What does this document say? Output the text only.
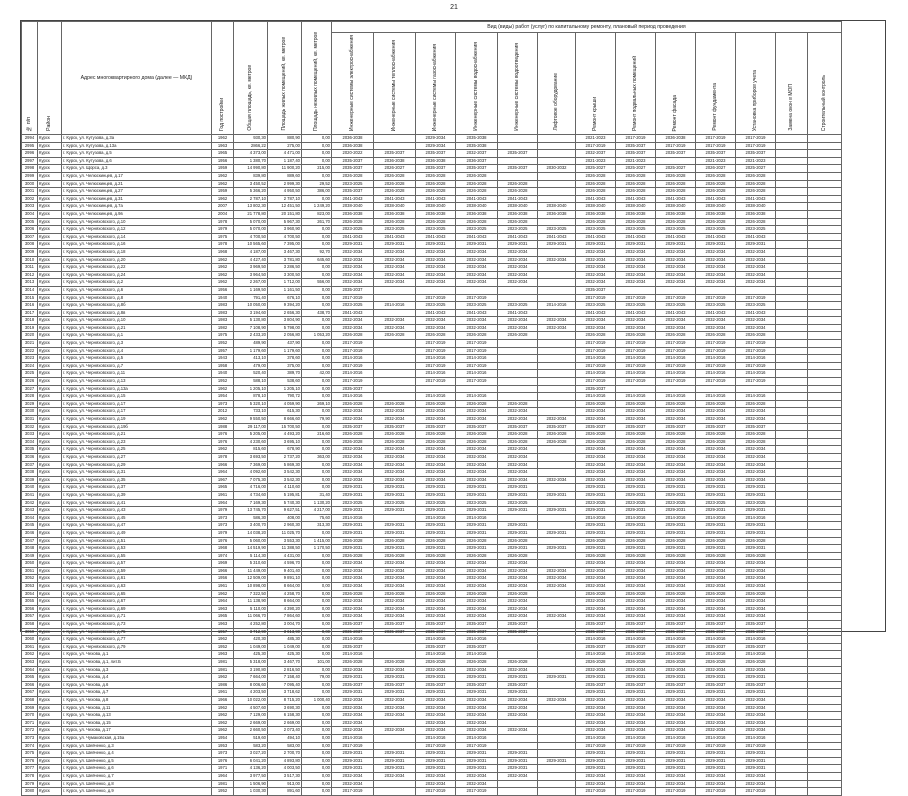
21
№ п/п	Район	Адрес многоквартирного дома (далее — МКД)	Год постройки	Общая площадь, кв. метров	Площадь жилых помещений, кв. метров	Площадь нежилых помещений, кв. метров	Вид (виды) работ (услуг) по капитальному ремонту, плановый период проведения												
							Инженерные системы электроснабжения	Инженерные системы теплоснабжения	Инженерные системы газоснабжения	Инженерные системы водоснабжения	Инженерные системы водоотведения	Лифтовое оборудование	Ремонт крыши	Ремонт подвальных помещений	Ремонт фасада	Ремонт фундамента	Установка приборов учета	Замена окон в МОП	Строительный контроль
2994	Курск	г. Курск, ул. Кутузова, д.3а	1962	930,30	880,90	0,00	2036-2038		2029-2034	2035-2038			2021-2023	2017-2019	2036-2038	2017-2019	2017-2019		
2995	Курск	г. Курск, ул. Кутузова, д.13а	1963	2866,22	275,00	0,00	2036-2038		2029-2034	2035-2038			2017-2019	2035-2037	2017-2019	2017-2019	2017-2019		
2996	Курск	г. Курск, ул. Кутузова, д.5	1965	4 373,00	4 471,00	0,00	2020-2022	2035-2037	2035-2037	2032-2037	2035-2037		2032-2037	2035-2037	2035-2037	2035-2037	2035-2037		
2997	Курск	г. Курск, ул. Кутузова, д.6	1956	1 380,70	1 187,40	0,00	2035-2037	2036-2038	2036-2038	2036-2037			2021-2023	2021-2023		2021-2023	2021-2023		
2998	Курск	г. Курск, ул. Щорса, д.3	1959	14 990,80	11 900,20	215,00	2035-2037	2026-2027	2035-2037	2035-2037	2035-2037	2030-2032	2025-2027	2025-2027	2025-2027	2026-2027	2025-2027		
2999	Курск	г. Курск, ул. Челюскинцев, д.17	1962	839,80	889,60	0,00	2026-2028	2026-2028	2026-2028	2026-2028			2026-2028	2026-2028	2026-2028	2026-2028	2026-2028		
3000	Курск	г. Курск, ул. Челюскинцев, д.21	1962	3 450,52	2 999,30	29,52	2023-2025	2026-2028	2026-2028	2026-2028	2026-2028		2026-2028	2026-2028	2026-2028	2026-2028	2026-2028		
3001	Курск	г. Курск, ул. Челюскинцев, д.27	1959	5 366,20	4 950,50	386,00	2035-2037	2026-2028	2026-2028	2026-2028	2026-2028		2026-2028	2026-2028	2026-2028	2026-2028	2026-2028		
3002	Курск	г. Курск, ул. Челюскинцев, д.31	1962	2 787,10	2 787,10	0,00	2041-2043	2041-2043	2041-2043	2041-2043	2041-2043		2041-2043	2041-2043	2041-2043	2041-2043	2041-2043		
3003	Курск	г. Курск, ул. Челюскинцев, д.7а	2007	13 802,30	12 451,50	1 249,20	2038-2040	2038-2040	2038-2040	2038-2040	2038-2040	2038-2040	2038-2040	2038-2040	2038-2040	2038-2040	2038-2040		
3004	Курск	г. Курск, ул. Челюскинцев, д.9в	2004	21 778,80	20 151,80	823,00	2036-2038	2036-2038	2036-2038	2036-2038	2036-2038	2036-2038	2036-2038	2036-2038	2036-2038	2036-2038	2036-2038		
3005	Курск	г. Курск, ул. Черняховского, д.10	1978	5 070,00	5 967,30	261,70	2026-2028	2026-2028	2026-2028	2026-2028	2026-2028		2026-2028	2026-2028	2026-2028	2026-2028	2026-2028		
3006	Курск	г. Курск, ул. Черняховского, д.12	1979	5 070,00	3 960,90	0,00	2023-2025	2023-2025	2023-2025	2023-2025	2023-2025	2023-2025	2023-2025	2023-2025	2023-2025	2023-2025	2023-2025		
3007	Курск	г. Курск, ул. Черняховского, д.14	1975	4 700,50	4 700,50	0,00	2041-2043	2041-2043	2041-2043	2041-2043	2041-2043	2041-2043	2041-2043	2041-2043	2041-2043	2041-2043	2041-2043		
3008	Курск	г. Курск, ул. Черняховского, д.16	1978	10 565,60	7 395,00	0,00	2029-2031	2029-2031	2029-2031	2029-2031	2029-2031	2029-2031	2029-2031	2029-2031	2029-2031	2029-2031	2029-2031		
3009	Курск	г. Курск, ул. Черняховского, д.18	1968	4 187,00	3 467,30	92,70	2032-2034	2032-2034	2032-2034	2032-2034	2032-2034		2032-2034	2032-2034	2032-2034	2032-2034	2032-2034		
3010	Курск	г. Курск, ул. Черняховского, д.20	1962	4 427,40	3 781,80	645,60	2032-2034	2032-2034	2032-2034	2032-2034	2032-2034	2032-2034	2032-2034	2032-2034	2032-2034	2032-2034	2032-2034		
3011	Курск	г. Курск, ул. Черняховского, д.22	1962	3 969,50	3 286,50	0,00	2032-2034	2032-2034	2032-2034	2032-2034	2032-2034		2032-2034	2032-2034	2032-2034	2032-2034	2032-2034		
3012	Курск	г. Курск, ул. Черняховского, д.24	1962	3 964,50	3 300,50	0,00	2032-2034	2032-2034	2032-2034	2032-2034	2032-2034		2032-2034	2032-2034	2032-2034	2032-2034	2032-2034		
3013	Курск	г. Курск, ул. Черняховского, д.2	1962	2 267,00	1 712,00	556,00	2032-2034	2032-2034	2032-2034	2032-2034	2032-2034		2032-2034	2032-2034	2032-2034	2032-2034	2032-2034		
3014	Курск	г. Курск, ул. Черняховского, д.6	1956	1 169,50	1 161,50	0,00	2035-2037						2035-2037						
3015	Курск	г. Курск, ул. Черняховского, д.8	1940	791,40	676,10	0,00	2017-2019		2017-2019	2017-2019			2017-2019	2017-2019	2017-2019	2017-2019	2017-2019		
3016	Курск	г. Курск, ул. Черняховского, д.8б	1983	10 050,00	9 394,20	0,00	2023-2025	2014-2016	2023-2025	2023-2025	2023-2025	2014-2016	2023-2025	2023-2025	2023-2025	2023-2025	2023-2025		
3017	Курск	г. Курск, ул. Черняховского, д.8в	1983	3 194,60	2 656,30	438,70	2041-2043		2041-2043	2041-2043	2041-2043		2041-2043	2041-2043	2041-2043	2041-2043	2041-2043		
3018	Курск	г. Курск, ул. Черняховского, д.10	1983	5 130,80	3 804,90	0,00	2032-2034	2032-2034	2032-2034	2032-2034	2032-2034	2032-2034	2032-2034	2032-2034	2032-2034	2032-2034	2032-2034		
3019	Курск	г. Курск, ул. Черняховского, д.21	1982	7 108,90	5 798,00	0,00	2032-2034	2032-2034	2032-2034	2032-2034	2032-2034	2032-2034	2032-2034	2032-2034	2032-2034	2032-2034	2032-2034		
3020	Курск	г. Курск, ул. Черняховского, д.1	1975	2 433,20	2 056,80	1 053,20	2026-2028	2026-2028	2026-2028	2026-2028	2026-2028		2026-2028	2026-2028	2026-2028	2026-2028	2026-2028		
3021	Курск	г. Курск, ул. Черняховского, д.3	1952	489,90	437,90	0,00	2017-2019		2017-2019	2017-2019			2017-2019	2017-2019	2017-2019	2017-2019	2017-2019		
3022	Курск	г. Курск, ул. Черняховского, д.4	1957	1 179,60	1 179,60	0,00	2017-2019		2017-2019	2017-2019			2017-2019	2017-2019	2017-2019	2017-2019	2017-2019		
3023	Курск	г. Курск, ул. Черняховского, д.5	1943	413,10	378,60	0,00	2014-2016		2014-2016	2014-2016			2014-2016	2014-2016	2014-2016	2014-2016	2014-2016		
3024	Курск	г. Курск, ул. Черняховского, д.7	1958	479,00	375,00	0,00	2017-2019		2017-2019	2017-2019			2017-2019	2017-2019	2017-2019	2017-2019	2017-2019		
3025	Курск	г. Курск, ул. Черняховского, д.11	1940	520,40	389,70	42,00	2014-2016		2014-2016	2014-2016			2014-2016	2014-2016	2014-2016	2014-2016	2014-2016		
3026	Курск	г. Курск, ул. Черняховского, д.13	1952	588,10	538,60	0,00	2017-2019		2017-2019	2017-2019			2017-2019	2017-2019	2017-2019	2017-2019	2017-2019		
3027	Курск	г. Курск, ул. Черняховского, д.13а	1962	1 205,10	1 205,10	0,00	2035-2037						2035-2037						
3028	Курск	г. Курск, ул. Черняховского, д.15	1954	878,10	790,72	0,00	2014-2016		2014-2016	2014-2016			2014-2016	2014-2016	2014-2016	2014-2016	2014-2016		
3029	Курск	г. Курск, ул. Черняховского, д.17	1973	5 320,10	4 059,90	269,10	2026-2028	2026-2028	2026-2028	2026-2028	2026-2028		2026-2028	2026-2028	2026-2028	2026-2028	2026-2028		
3030	Курск	г. Курск, ул. Черняховского, д.17	2012	733,10	615,30	0,00	2032-2034	2032-2034	2032-2034	2032-2034	2032-2034		2032-2034	2032-2034	2032-2034	2032-2034	2032-2034		
3031	Курск	г. Курск, ул. Черняховского, д.19	1962	9 550,50	8 666,60	79,90	2032-2034	2032-2034	2032-2034	2032-2034	2032-2034	2032-2034	2032-2034	2032-2034	2032-2034	2032-2034	2032-2034		
3032	Курск	г. Курск, ул. Черняховского, д.19б	1988	29 117,00	15 700,50	0,00	2035-2037	2035-2037	2035-2037	2035-2037	2035-2037	2035-2037	2035-2037	2035-2037	2035-2037	2035-2037	2035-2037		
3033	Курск	г. Курск, ул. Черняховского, д.21	1976	5 205,00	4 493,20	216,60	2026-2028	2026-2028	2026-2028	2026-2028	2026-2028	2026-2028	2026-2028	2026-2028	2026-2028	2026-2028	2026-2028		
3034	Курск	г. Курск, ул. Черняховского, д.23	1976	4 230,60	3 695,10	0,00	2026-2028	2026-2028	2026-2028	2026-2028	2026-2028	2026-2028	2026-2028	2026-2028	2026-2028	2026-2028	2026-2028		
3035	Курск	г. Курск, ул. Черняховского, д.25	1962	815,60	678,90	0,00	2032-2034	2032-2034	2032-2034	2032-2034	2032-2034		2032-2034	2032-2034	2032-2034	2032-2034	2032-2034		
3036	Курск	г. Курск, ул. Черняховского, д.27	1978	3 693,50	2 737,20	363,00	2032-2034	2032-2034	2032-2034	2032-2034	2032-2034		2032-2034	2032-2034	2032-2034	2032-2034	2032-2034		
3037	Курск	г. Курск, ул. Черняховского, д.29	1966	7 369,00	5 869,30	0,00	2032-2034	2032-2034	2032-2034	2032-2034	2032-2034		2032-2034	2032-2034	2032-2034	2032-2034	2032-2034		
3038	Курск	г. Курск, ул. Черняховского, д.31	1964	4 092,60	3 542,30	0,00	2032-2034	2032-2034	2032-2034	2032-2034	2032-2034		2032-2034	2032-2034	2032-2034	2032-2034	2032-2034		
3039	Курск	г. Курск, ул. Черняховского, д.35	1967	7 075,30	3 542,30	0,00	2032-2034	2032-2034	2032-2034	2032-2034	2032-2034	2032-2034	2032-2034	2032-2034	2032-2034	2032-2034	2032-2034		
3040	Курск	г. Курск, ул. Черняховского, д.37	1965	4 716,00	4 110,60	0,00	2029-2031	2029-2031	2029-2031	2029-2031	2029-2031		2029-2031	2029-2031	2029-2031	2029-2031	2029-2031		
3041	Курск	г. Курск, ул. Черняховского, д.39	1961	4 734,60	5 195,81	31,40	2029-2031	2029-2031	2029-2031	2029-2031	2029-2031	2029-2031	2029-2031	2029-2031	2029-2031	2029-2031	2029-2031		
3042	Курск	г. Курск, ул. Черняховского, д.41	1964	7 169,30	5 740,30	1 130,20	2023-2025	2023-2025	2023-2025	2023-2025	2023-2025		2023-2025	2023-2025	2023-2025	2023-2025	2023-2025		
3043	Курск	г. Курск, ул. Черняховского, д.43	1979	13 745,70	9 627,51	4 217,00	2029-2031	2029-2031	2029-2031	2029-2031	2029-2031	2029-2031	2029-2031	2029-2031	2029-2031	2029-2031	2029-2031		
3044	Курск	г. Курск, ул. Черняховского, д.45	1973	586,30	408,00	75,60	2014-2016		2014-2016	2014-2016			2014-2016	2014-2016	2014-2016	2014-2016	2014-2016		
3045	Курск	г. Курск, ул. Черняховского, д.47	1973	3 400,70	2 960,30	313,30	2029-2031	2029-2031	2029-2031	2029-2031	2029-2031		2029-2031	2029-2031	2029-2031	2029-2031	2029-2031		
3046	Курск	г. Курск, ул. Черняховского, д.49	1979	14 038,20	11 025,70	0,00	2029-2031	2029-2031	2029-2031	2029-2031	2029-2031	2029-2031	2029-2031	2029-2031	2029-2031	2029-2031	2029-2031		
3047	Курск	г. Курск, ул. Черняховского, д.51	1976	5 060,00	3 553,30	1 415,00	2026-2028	2026-2028	2026-2028	2026-2028	2026-2028		2026-2028	2026-2028	2026-2028	2026-2028	2026-2028		
3048	Курск	г. Курск, ул. Черняховского, д.53	1968	14 519,90	11 388,50	1 170,50	2029-2031	2029-2031	2029-2031	2029-2031	2029-2031	2029-2031	2029-2031	2029-2031	2029-2031	2029-2031	2029-2031		
3049	Курск	г. Курск, ул. Черняховского, д.55	1974	5 114,30	4 431,00	0,00	2026-2028	2026-2028	2026-2028	2026-2028	2026-2028		2026-2028	2026-2028	2026-2028	2026-2028	2026-2028		
3050	Курск	г. Курск, ул. Черняховского, д.57	1969	5 310,60	4 596,70	0,00	2032-2034	2032-2034	2032-2034	2032-2034	2032-2034		2032-2034	2032-2034	2032-2034	2032-2034	2032-2034		
3051	Курск	г. Курск, ул. Черняховского, д.59	1966	11 449,00	9 401,40	0,00	2032-2034	2032-2034	2032-2034	2032-2034	2032-2034	2032-2034	2032-2034	2032-2034	2032-2034	2032-2034	2032-2034		
3052	Курск	г. Курск, ул. Черняховского, д.61	1956	12 509,00	9 891,10	0,00	2032-2034	2032-2034	2032-2034	2032-2034	2032-2034	2032-2034	2032-2034	2032-2034	2032-2034	2032-2034	2032-2034		
3053	Курск	г. Курск, ул. Черняховского, д.63	1961	10 898,00	8 664,00	0,00	2032-2034	2032-2034	2032-2034	2032-2034	2032-2034	2032-2034	2032-2034	2032-2034	2032-2034	2032-2034	2032-2034		
3054	Курск	г. Курск, ул. Черняховского, д.65	1962	7 322,50	4 258,70	0,00	2026-2028	2026-2028	2026-2028	2026-2028	2026-2028		2026-2028	2026-2028	2026-2028	2026-2028	2026-2028		
3055	Курск	г. Курск, ул. Черняховского, д.67	1964	11 138,90	8 664,00	0,00	2032-2034	2032-2034	2032-2034	2032-2034	2032-2034		2032-2034	2032-2034	2032-2034	2032-2034	2032-2034		
3056	Курск	г. Курск, ул. Черняховского, д.69	1963	5 110,00	4 390,20	0,00	2032-2034	2032-2034	2032-2034	2032-2034	2032-2034		2032-2034	2032-2034	2032-2034	2032-2034	2032-2034		
3057	Курск	г. Курск, ул. Черняховского, д.71	1965	11 066,70	7 864,60	0,00	2032-2034	2032-2034	2032-2034	2032-2034	2032-2034	2032-2034	2032-2034	2032-2034	2032-2034	2032-2034	2032-2034		
3058	Курск	г. Курск, ул. Черняховского, д.73	1963	4 252,80	3 004,70	0,00	2035-2037	2035-2037	2035-2037	2035-2037	2035-2037		2035-2037	2035-2037	2035-2037	2035-2037	2035-2037		
3059	Курск	г. Курск, ул. Черняховского, д.75	1957	3 712,90	3 613,90	0,00	2035-2037	2035-2037	2035-2037	2035-2037	2035-2037		2035-2037	2035-2037	2035-2037	2035-2037	2035-2037		
3060	Курск	г. Курск, ул. Черняховского, д.77	1962	420,30	485,30	0,00	2014-2016		2014-2016	2014-2016			2014-2016	2014-2016	2014-2016	2014-2016	2014-2016		
3061	Курск	г. Курск, ул. Черняховского, д.79	1952	1 049,00	1 049,00	0,00	2035-2037		2035-2037	2035-2037			2035-2037	2035-2037	2035-2037	2035-2037	2035-2037		
3062	Курск	г. Курск, ул. Чехова, д.1	1963	425,30	425,30	0,00	2014-2016		2014-2016	2014-2016			2014-2016	2014-2016	2014-2016	2014-2016	2014-2016		
3063	Курск	г. Курск, ул. Чехова, д.1, лит.Б	1981	5 318,00	3 467,70	101,00	2026-2028	2026-2028	2026-2028	2026-2028	2026-2028		2026-2028	2026-2028	2026-2028	2026-2028	2026-2028		
3064	Курск	г. Курск, ул. Чехова, д.3	1981	3 190,80	2 816,50	0,00	2032-2034	2032-2034	2032-2034	2032-2034	2032-2034		2032-2034	2032-2034	2032-2034	2032-2034	2032-2034		
3065	Курск	г. Курск, ул. Чехова, д.4	1962	7 664,00	7 158,40	79,00	2029-2031	2029-2031	2029-2031	2029-2031	2029-2031	2029-2031	2029-2031	2029-2031	2029-2031	2029-2031	2029-2031		
3066	Курск	г. Курск, ул. Чехова, д.6	1986	8 006,60	7 095,40	0,00	2035-2037	2035-2037	2035-2037	2035-2037	2035-2037		2035-2037	2035-2037	2035-2037	2035-2037	2035-2037		
3067	Курск	г. Курск, ул. Чехова, д.7	1961	4 203,50	3 718,62	0,00	2029-2031	2029-2031	2029-2031	2029-2031	2029-2031		2029-2031	2029-2031	2029-2031	2029-2031	2029-2031		
3068	Курск	г. Курск, ул. Чехова, д.8	1966	10 022,00	8 715,20	1 000,40	2032-2034	2032-2034	2032-2034	2032-2034	2032-2034	2032-2034	2032-2034	2032-2034	2032-2034	2032-2034	2032-2034		
3069	Курск	г. Курск, ул. Чехова, д.11	1962	4 507,60	3 690,30	0,00	2032-2034	2032-2034	2032-2034	2032-2034	2032-2034		2032-2034	2032-2034	2032-2034	2032-2034	2032-2034		
3070	Курск	г. Курск, ул. Чехова, д.13	1962	7 129,00	6 158,30	0,00	2032-2034	2032-2034	2032-2034	2032-2034	2032-2034		2032-2034	2032-2034	2032-2034	2032-2034	2032-2034		
3071	Курск	г. Курск, ул. Чехова, д.15	1962	2 669,00	2 669,00	0,00	2032-2034		2032-2034	2032-2034			2032-2034	2032-2034	2032-2034	2032-2034	2032-2034		
3072	Курск	г. Курск, ул. Чехова, д.17	1962	2 660,50	2 073,40	0,00	2032-2034	2032-2034	2032-2034	2032-2034	2032-2034		2032-2034	2032-2034	2032-2034	2032-2034	2032-2034		
3073	Курск	г. Курск, ул. Чумаковская, д.15а	1954	519,60	494,10	0,00	2014-2016		2014-2016	2014-2016			2014-2016	2014-2016	2014-2016	2014-2016	2014-2016		
3074	Курск	г. Курск, ул. Шевченко, д.3	1953	583,20	583,00	0,00	2017-2019		2017-2019	2017-2019			2017-2019	2017-2019	2017-2019	2017-2019	2017-2019		
3075	Курск	г. Курск, ул. Шевченко, д.4	1973	3 027,20	2 700,70	0,00	2029-2031	2029-2031	2029-2031	2029-2031	2029-2031		2029-2031	2029-2031	2029-2031	2029-2031	2029-2031		
3076	Курск	г. Курск, ул. Шевченко, д.5	1976	6 041,20	4 893,80	0,00	2029-2031	2029-2031	2029-2031	2029-2031	2029-2031	2029-2031	2029-2031	2029-2031	2029-2031	2029-2031	2029-2031		
3077	Курск	г. Курск, ул. Шевченко, д.6	1971	4 136,20	4 003,50	0,00	2029-2031	2029-2031	2029-2031	2029-2031	2029-2031		2029-2031	2029-2031	2029-2031	2029-2031	2029-2031		
3078	Курск	г. Курск, ул. Шевченко, д.7	1964	3 977,50	3 517,30	0,00	2032-2034	2032-2034	2032-2034	2032-2034	2032-2034		2032-2034	2032-2034	2032-2034	2032-2034	2032-2034		
3079	Курск	г. Курск, ул. Шевченко, д.8	1981	1 506,90	913,00	0,00	2032-2034		2032-2034	2032-2034			2032-2034	2032-2034	2032-2034	2032-2034	2032-2034		
3080	Курск	г. Курск, ул. Шевченко, д.9	1952	1 030,30	891,60	0,00	2017-2019		2017-2019	2017-2019			2017-2019	2017-2019	2017-2019	2017-2019	2017-2019		
